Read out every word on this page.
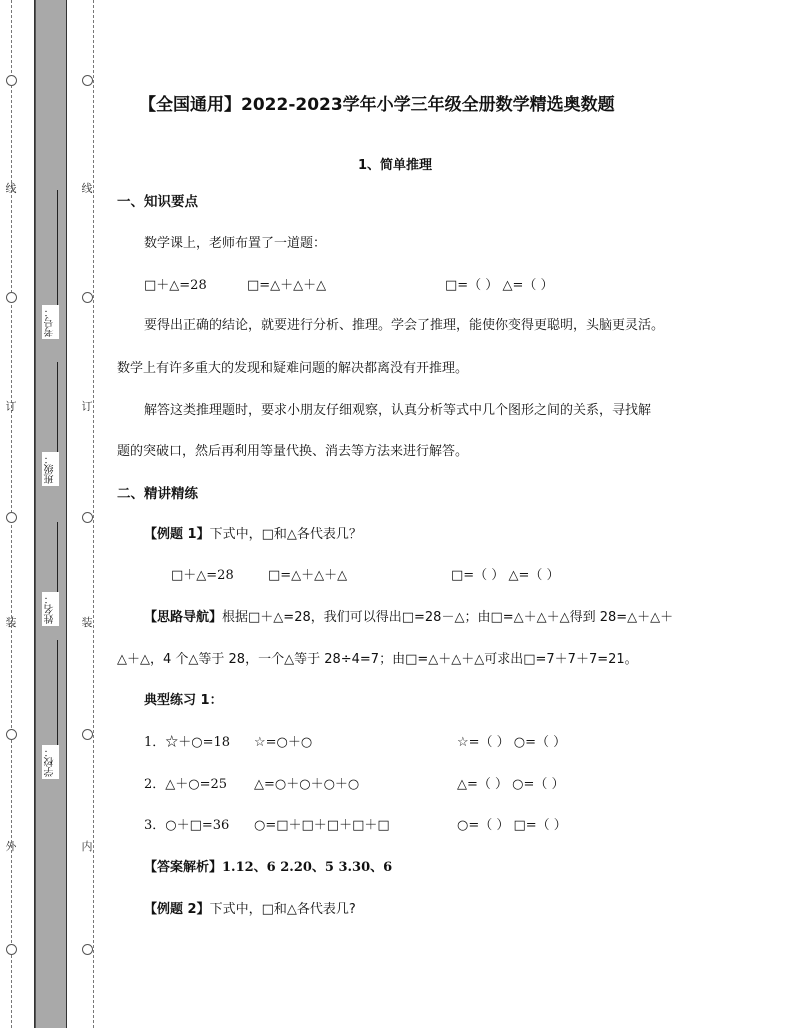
线
订
装
外
线
订
装
内
考号：
班级：
姓名：
学校：
【全国通用】2022-2023学年小学三年级全册数学精选奥数题
1、简单推理
一、知识要点
数学课上，老师布置了一道题：
□＋△=28	□=△＋△＋△	□=（ ） △=（ ）
要得出正确的结论，就要进行分析、推理。学会了推理，能使你变得更聪明，头脑更灵活。
数学上有许多重大的发现和疑难问题的解决都离没有开推理。
解答这类推理题时，要求小朋友仔细观察，认真分析等式中几个图形之间的关系，寻找解
题的突破口，然后再利用等量代换、消去等方法来进行解答。
二、精讲精练
【例题 1】下式中，□和△各代表几？
□＋△=28	□=△＋△＋△	□=（ ） △=（ ）
【思路导航】根据□＋△=28，我们可以得出□=28－△；由□=△＋△＋△得到 28=△＋△＋
△＋△，4 个△等于 28，一个△等于 28÷4=7；由□=△＋△＋△可求出□=7＋7＋7=21。
典型练习 1：
1．☆＋○=18 ☆=○＋○	☆=（ ） ○=（ ）
2．△＋○=25 △=○＋○＋○＋○	△=（ ） ○=（ ）
3．○＋□=36 ○=□＋□＋□＋□＋□	○=（ ） □=（ ）
【答案解析】1.12、6 2.20、5 3.30、6
【例题 2】下式中，□和△各代表几?
